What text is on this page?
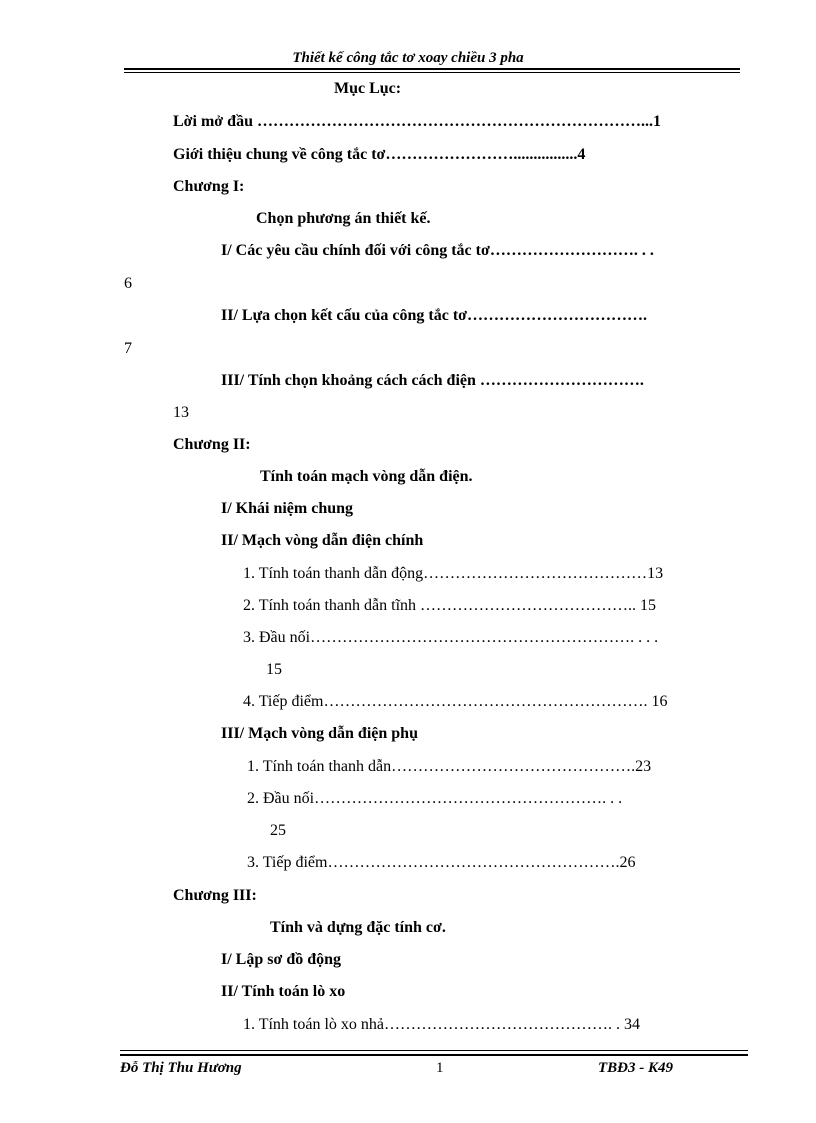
Thiết kế công tắc tơ xoay chiều 3 pha
Mục Lục:
Lời mở đầu ………………………………………………………………...1
Giới thiệu chung về công tắc tơ……………………................4
Chương I:
Chọn phương án thiết kế.
I/ Các yêu cầu chính đối với công tắc tơ………………………. . .
6
II/ Lựa chọn kết cấu của công tắc tơ…………………………….
7
III/ Tính chọn khoảng cách cách điện ………………………….
13
Chương II:
Tính toán mạch vòng dẫn điện.
I/ Khái niệm chung
II/ Mạch vòng dẫn điện chính
1. Tính toán thanh dẫn động……………………………………13
2. Tính toán thanh dẫn tĩnh ………………………………….. 15
3. Đầu nối……………………………………………………. . . .
15
4. Tiếp điểm……………………………………………………. 16
III/ Mạch vòng dẫn điện phụ
1. Tính toán thanh dẫn……………………………………….23
2. Đầu nối………………………………………………. . .
25
3. Tiếp điểm……………………………………………….26
Chương III:
Tính và dựng đặc tính cơ.
I/ Lập sơ đồ động
II/ Tính toán lò xo
1. Tính toán lò xo nhả……………………………………. . 34
Đỗ Thị Thu Hương	1	TBĐ3 - K49
